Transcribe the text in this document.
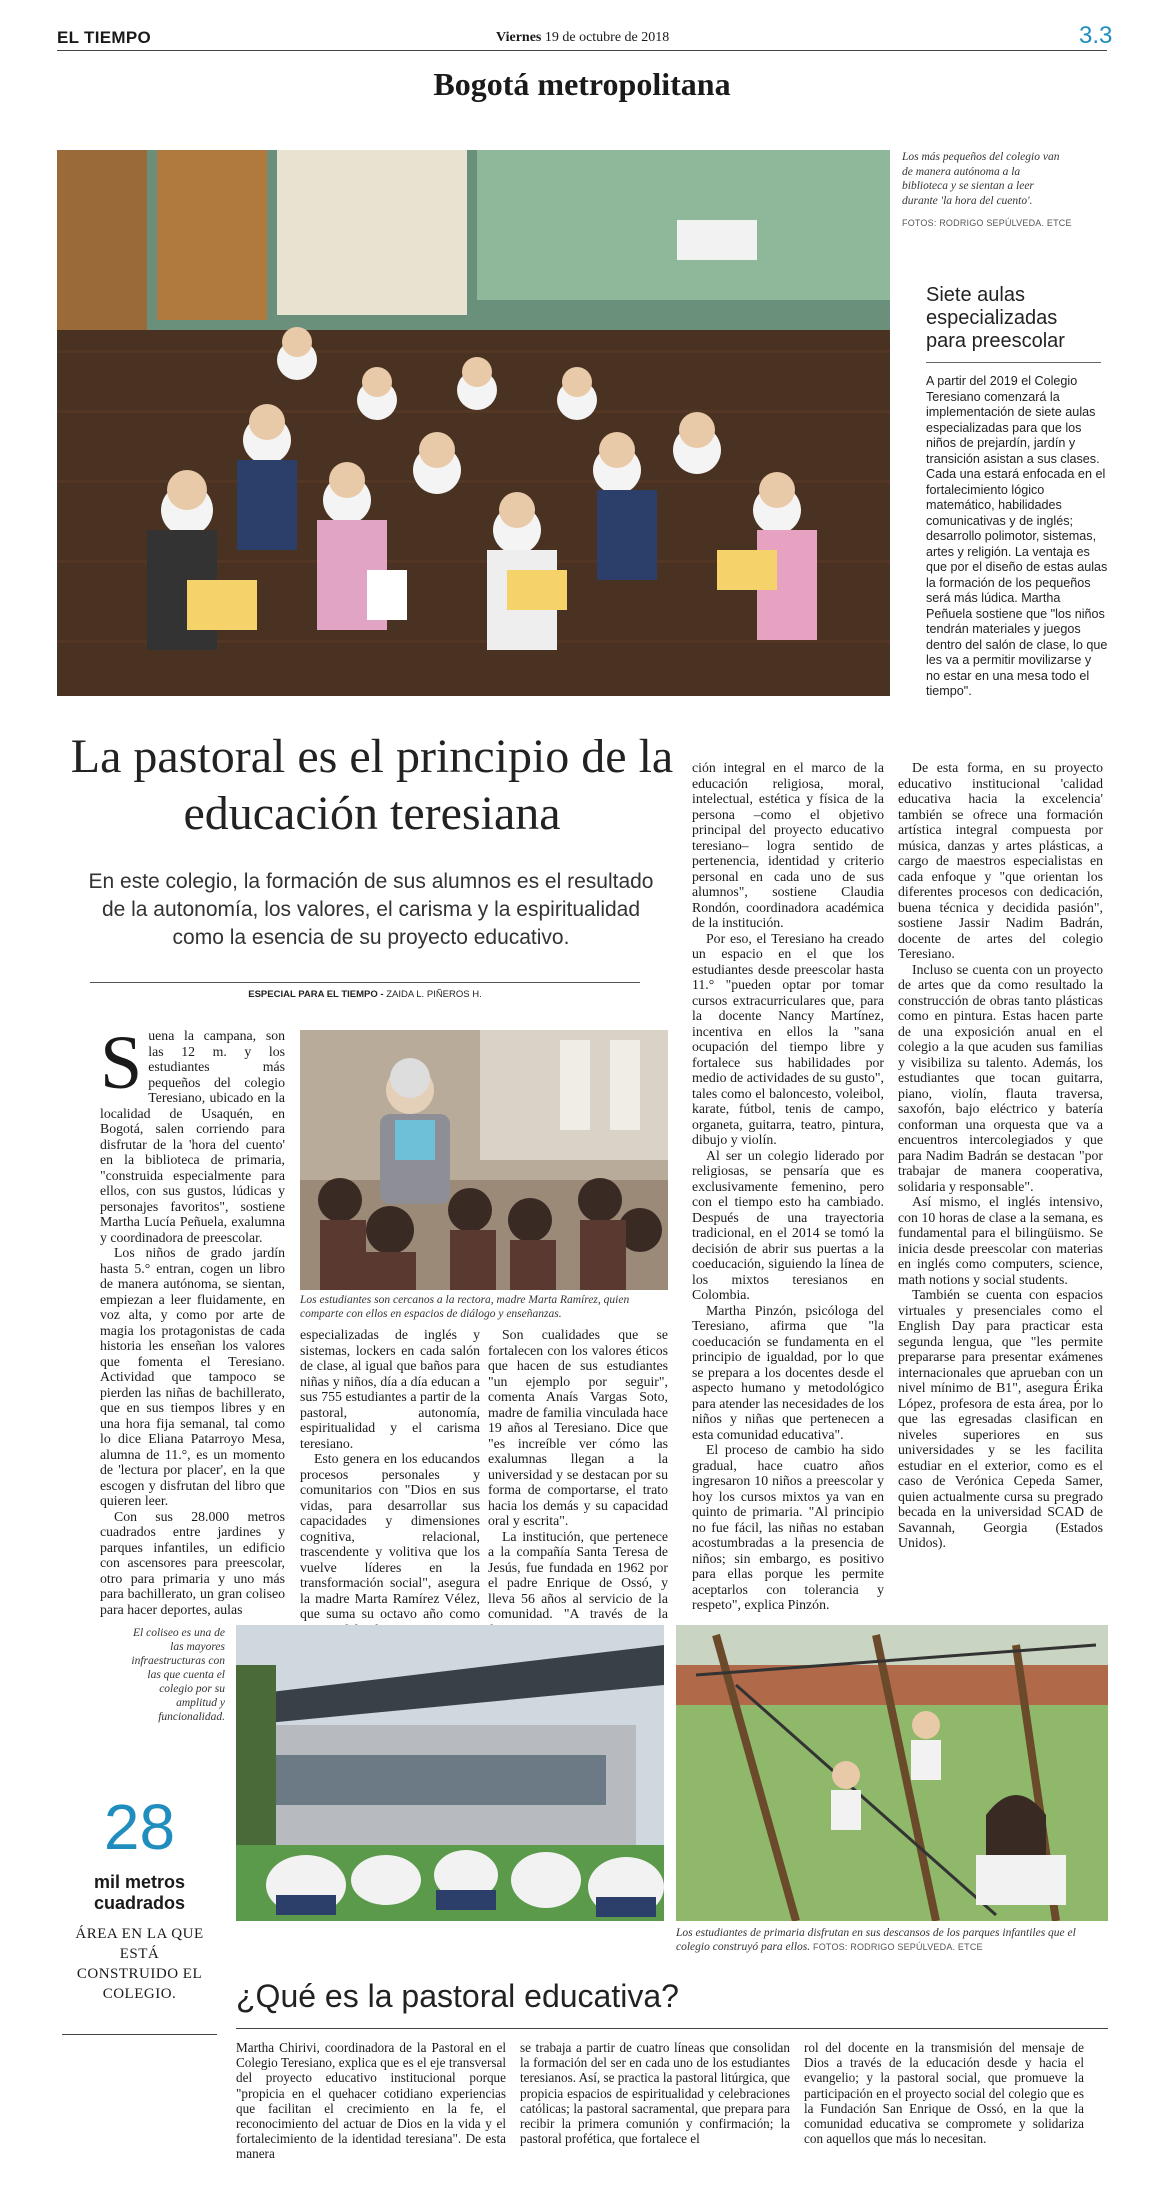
EL TIEMPO	Viernes 19 de octubre de 2018	3.3
Bogotá metropolitana
Los más pequeños del colegio van de manera autónoma a la biblioteca y se sientan a leer durante 'la hora del cuento'.
FOTOS: RODRIGO SEPÚLVEDA. ETCE
Siete aulas especializadas para preescolar
A partir del 2019 el Colegio Teresiano comenzará la implementación de siete aulas especializadas para que los niños de prejardín, jardín y transición asistan a sus clases. Cada una estará enfocada en el fortalecimiento lógico matemático, habilidades comunicativas y de inglés; desarrollo polimotor, sistemas, artes y religión. La ventaja es que por el diseño de estas aulas la formación de los pequeños será más lúdica. Martha Peñuela sostiene que "los niños tendrán materiales y juegos dentro del salón de clase, lo que les va a permitir movilizarse y no estar en una mesa todo el tiempo".
La pastoral es el principio de la educación teresiana
En este colegio, la formación de sus alumnos es el resultado de la autonomía, los valores, el carisma y la espiritualidad como la esencia de su proyecto educativo.
ESPECIAL PARA EL TIEMPO - ZAIDA L. PIÑEROS H.

Suena la campana, son las 12 m. y los estudiantes más pequeños del colegio Teresiano, ubicado en la localidad de Usaquén, en Bogotá, salen corriendo para disfrutar de la 'hora del cuento' en la biblioteca de primaria, "construida especialmente para ellos, con sus gustos, lúdicas y personajes favoritos", sostiene Martha Lucía Peñuela, exalumna y coordinadora de preescolar.

Los niños de grado jardín hasta 5.° entran, cogen un libro de manera autónoma, se sientan, empiezan a leer fluidamente, en voz alta, y como por arte de magia los protagonistas de cada historia les enseñan los valores que fomenta el Teresiano. Actividad que tampoco se pierden las niñas de bachillerato, que en sus tiempos libres y en una hora fija semanal, tal como lo dice Eliana Patarroyo Mesa, alumna de 11.°, es un momento de 'lectura por placer', en la que escogen y disfrutan del libro que quieren leer.

Con sus 28.000 metros cuadrados entre jardines y parques infantiles, un edificio con ascensores para preescolar, otro para primaria y uno más para bachillerato, un gran coliseo para hacer deportes, aulas

Los estudiantes son cercanos a la rectora, madre Marta Ramírez, quien comparte con ellos en espacios de diálogo y enseñanzas.

especializadas de inglés y sistemas, lockers en cada salón de clase, al igual que baños para niñas y niños, día a día educan a sus 755 estudiantes a partir de la pastoral, autonomía, espiritualidad y el carisma teresiano.

Esto genera en los educandos procesos personales y comunitarios con "Dios en sus vidas, para desarrollar sus capacidades y dimensiones cognitiva, relacional, trascendente y volitiva que los vuelve líderes en la transformación social", asegura la madre Marta Ramírez Vélez, que suma su octavo año como

Son cualidades que se fortalecen con los valores éticos que hacen de sus estudiantes "un ejemplo por seguir", comenta Anaís Vargas Soto, madre de familia vinculada hace 19 años al Teresiano. Dice que "es increíble ver cómo las exalumnas llegan a la universidad y se destacan por su forma de comportarse, el trato hacia los demás y su capacidad oral y escrita".

La institución, que pertenece a la compañía Santa Teresa de Jesús, fue fundada en 1962 por el padre Enrique de Ossó, y lleva 56 años al servicio de la comunidad. "A través de la

ción integral en el marco de la educación religiosa, moral, intelectual, estética y física de la persona –como el objetivo principal del proyecto educativo teresiano– logra sentido de pertenencia, identidad y criterio personal en cada uno de sus alumnos", sostiene Claudia Rondón, coordinadora académica de la institución.

Por eso, el Teresiano ha creado un espacio en el que los estudiantes desde preescolar hasta 11.° "pueden optar por tomar cursos extracurriculares que, para la docente Nancy Martínez, incentiva en ellos la "sana ocupación del tiempo libre y fortalece sus habilidades por medio de actividades de su gusto", tales como el baloncesto, voleibol, karate, fútbol, tenis de campo, organeta, guitarra, teatro, pintura, dibujo y violín.

Al ser un colegio liderado por religiosas, se pensaría que es exclusivamente femenino, pero con el tiempo esto ha cambiado. Después de una trayectoria tradicional, en el 2014 se tomó la decisión de abrir sus puertas a la coeducación, siguiendo la línea de los mixtos teresianos en Colombia.

Martha Pinzón, psicóloga del Teresiano, afirma que "la coeducación se fundamenta en el principio de igualdad, por lo que se prepara a los docentes desde el aspecto humano y metodológico para atender las necesidades de los niños y niñas que pertenecen a esta comunidad educativa".

El proceso de cambio ha sido gradual, hace cuatro años ingresaron 10 niños a preescolar y hoy los cursos mixtos ya van en quinto de primaria. "Al principio no fue fácil, las niñas no estaban acostumbradas a la presencia de niños; sin embargo, es positivo para ellas porque les permite aceptarlos con tolerancia y respeto", explica Pinzón.

De esta forma, en su proyecto educativo institucional 'calidad educativa hacia la excelencia' también se ofrece una formación artística integral compuesta por música, danzas y artes plásticas, a cargo de maestros especialistas en cada enfoque y "que orientan los diferentes procesos con dedicación, buena técnica y decidida pasión", sostiene Jassir Nadim Badrán, docente de artes del colegio Teresiano.

Incluso se cuenta con un proyecto de artes que da como resultado la construcción de obras tanto plásticas como en pintura. Estas hacen parte de una exposición anual en el colegio a la que acuden sus familias y visibiliza su talento. Además, los estudiantes que tocan guitarra, piano, violín, flauta traversa, saxofón, bajo eléctrico y batería conforman una orquesta que va a encuentros intercolegiados y que para Nadim Badrán se destacan "por trabajar de manera cooperativa, solidaria y responsable".

Así mismo, el inglés intensivo, con 10 horas de clase a la semana, es fundamental para el bilingüismo. Se inicia desde preescolar con materias en inglés como computers, science, math notions y social students.

También se cuenta con espacios virtuales y presenciales como el English Day para practicar esta segunda lengua, que "les permite prepararse para presentar exámenes internacionales que aprueban con un nivel mínimo de B1", asegura Érika López, profesora de esta área, por lo que las egresadas clasifican en niveles superiores en sus universidades y se les facilita estudiar en el exterior, como es el caso de Verónica Cepeda Samer, quien actualmente cursa su pregrado becada en la universidad SCAD de Savannah, Georgia (Estados Unidos).

El coliseo es una de las mayores infraestructuras con las que cuenta el colegio por su amplitud y funcionalidad.
28
mil metros cuadrados
ÁREA EN LA QUE ESTÁ CONSTRUIDO EL COLEGIO.
Los estudiantes de primaria disfrutan en sus descansos de los parques infantiles que el colegio construyó para ellos. FOTOS: RODRIGO SEPÚLVEDA. ETCE
¿Qué es la pastoral educativa?
Martha Chirivi, coordinadora de la Pastoral en el Colegio Teresiano, explica que es el eje transversal del proyecto educativo institucional porque "propicia en el quehacer cotidiano experiencias que facilitan el crecimiento en la fe, el reconocimiento del actuar de Dios en la vida y el fortalecimiento de la identidad teresiana". De esta manera
se trabaja a partir de cuatro líneas que consolidan la formación del ser en cada uno de los estudiantes teresianos. Así, se practica la pastoral litúrgica, que propicia espacios de espiritualidad y celebraciones católicas; la pastoral sacramental, que prepara para recibir la primera comunión y confirmación; la pastoral profética, que fortalece el
rol del docente en la transmisión del mensaje de Dios a través de la educación desde y hacia el evangelio; y la pastoral social, que promueve la participación en el proyecto social del colegio que es la Fundación San Enrique de Ossó, en la que la comunidad educativa se compromete y solidariza con aquellos que más lo necesitan.
